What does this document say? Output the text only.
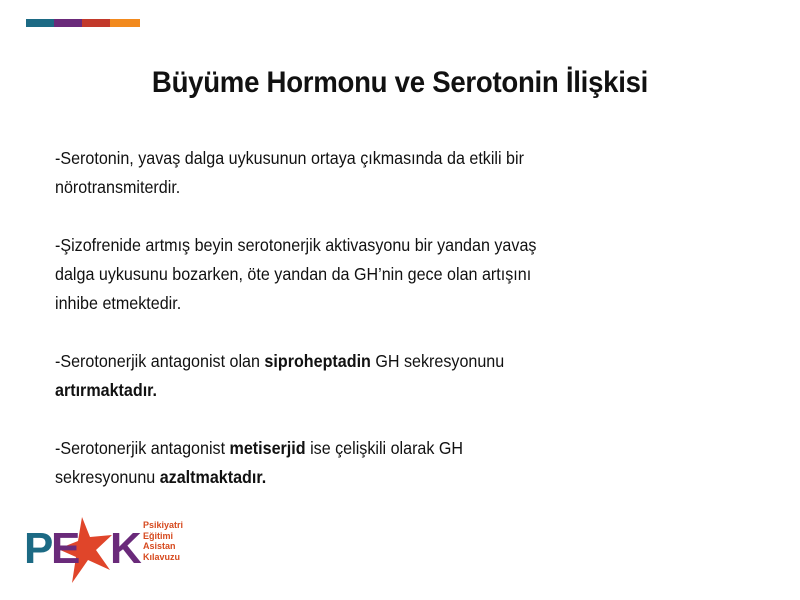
Büyüme Hormonu ve Serotonin İlişkisi

-Serotonin, yavaş dalga uykusunun ortaya çıkmasında da etkili bir

nörotransmiterdir.

-Şizofrenide artmış beyin serotonerjik aktivasyonu bir yandan yavaş

dalga uykusunu bozarken, öte yandan da GH’nin gece olan artışını

inhibe etmektedir.

-Serotonerjik antagonist olan siproheptadin GH sekresyonunu

artırmaktadır.

-Serotonerjik antagonist metiserjid ise çelişkili olarak GH

sekresyonunu azaltmaktadır.

P
E K Psikiyatri
Eğitimi
Asistan
Kılavuzu
